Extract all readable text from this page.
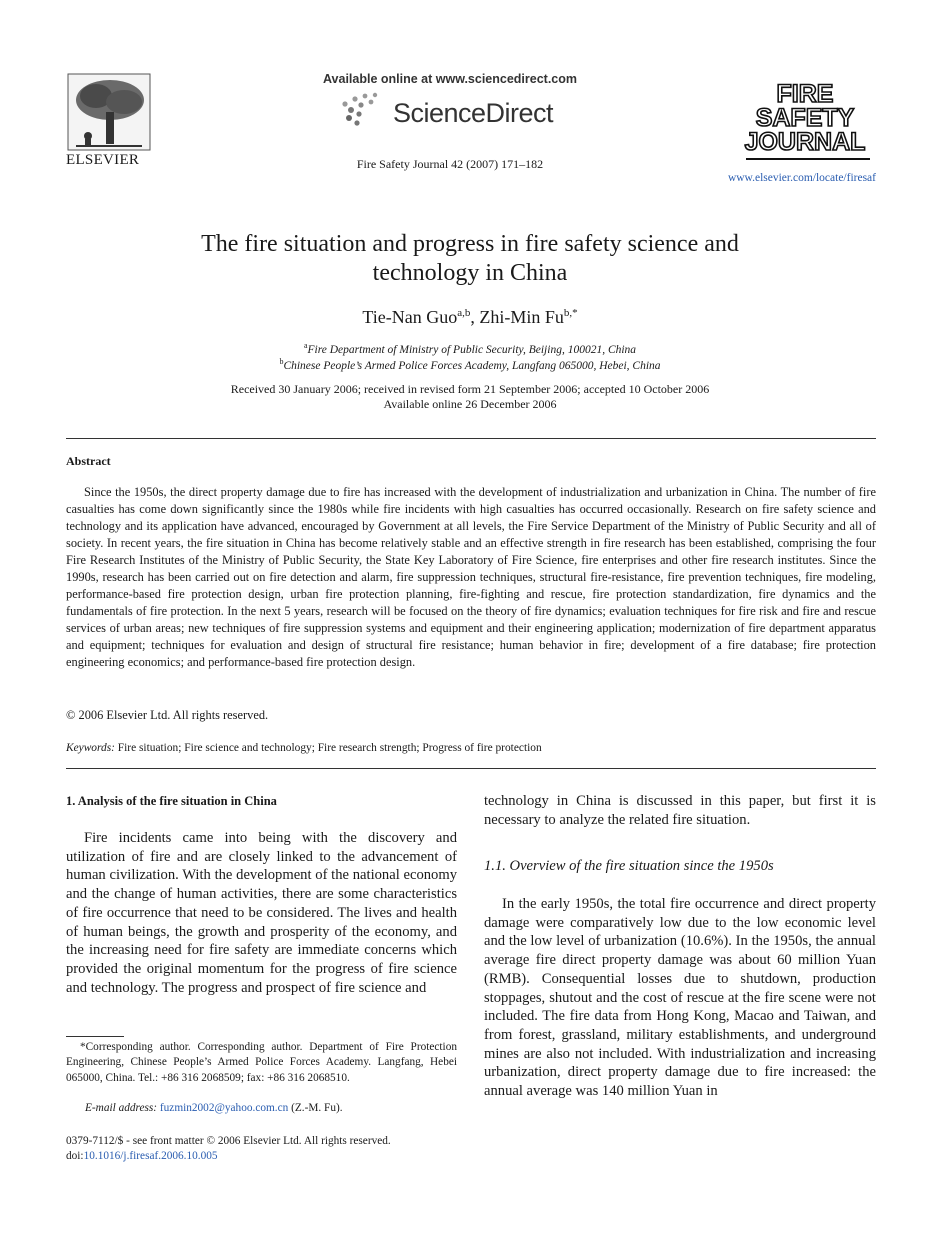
ELSEVIER
Available online at www.sciencedirect.com
ScienceDirect
Fire Safety Journal 42 (2007) 171–182
FIRE
SAFETY
JOURNAL
www.elsevier.com/locate/firesaf
The fire situation and progress in fire safety science and
technology in China
Tie-Nan Guo$^{a,b}$, Zhi-Min $Fu^{b,*}$
$^a$Fire Department of Ministry of Public Security, Beijing, 100021, China
$^b$Chinese People’s Armed Police Forces Academy, Langfang 065000, Hebei, China
Received 30 January 2006; received in revised form 21 September 2006; accepted 10 October 2006
Available online 26 December 2006
Abstract

Since the 1950s, the direct property damage due to fire has increased with the development of industrialization and urbanization in China. The number of fire casualties has come down significantly since the 1980s while fire incidents with high casualties has occurred occasionally. Research on fire safety science and technology and its application have advanced, encouraged by Government at all levels, the Fire Service Department of the Ministry of Public Security and all of society. In recent years, the fire situation in China has become relatively stable and an effective strength in fire research has been established, comprising the four Fire Research Institutes of the Ministry of Public Security, the State Key Laboratory of Fire Science, fire enterprises and other fire research institutes. Since the 1990s, research has been carried out on fire detection and alarm, fire suppression techniques, structural fire-resistance, fire prevention techniques, fire modeling, performance-based fire protection design, urban fire protection planning, fire-fighting and rescue, fire protection standardization, fire dynamics and the fundamentals of fire protection. In the next 5 years, research will be focused on the theory of fire dynamics; evaluation techniques for fire risk and fire and rescue services of urban areas; new techniques of fire suppression systems and equipment and their engineering application; modernization of fire department apparatus and equipment; techniques for evaluation and design of structural fire resistance; human behavior in fire; development of a fire database; fire protection engineering economics; and performance-based fire protection design.

© 2006 Elsevier Ltd. All rights reserved.
Keywords: Fire situation; Fire science and technology; Fire research strength; Progress of fire protection
1. Analysis of the fire situation in China

Fire incidents came into being with the discovery and utilization of fire and are closely linked to the advancement of human civilization. With the development of the national economy and the change of human activities, there are some characteristics of fire occurrence that need to be considered. The lives and health of human beings, the growth and prosperity of the economy, and the increasing need for fire safety are immediate concerns which provided the original momentum for the progress of fire science and technology. The progress and prospect of fire science and

technology in China is discussed in this paper, but first it is necessary to analyze the related fire situation.

1.1. Overview of the fire situation since the 1950s

In the early 1950s, the total fire occurrence and direct property damage were comparatively low due to the low economic level and the low level of urbanization (10.6%). In the 1950s, the annual average fire direct property damage was about 60 million Yuan (RMB). Consequential losses due to shutdown, production stoppages, shutout and the cost of rescue at the fire scene were not included. The fire data from Hong Kong, Macao and Taiwan, and from forest, grassland, military establishments, and underground mines are also not included. With industrialization and increasing urbanization, direct property damage due to fire increased: the annual average was 140 million Yuan in

*Corresponding author. Corresponding author. Department of Fire Protection Engineering, Chinese People’s Armed Police Forces Academy. Langfang, Hebei 065000, China. Tel.: +86 316 2068509; fax: +86 316 2068510.

E-mail address: fuzmin2002@yahoo.com.cn (Z.-M. Fu).
0379-7112/$ - see front matter © 2006 Elsevier Ltd. All rights reserved.
doi:10.1016/j.firesaf.2006.10.005
